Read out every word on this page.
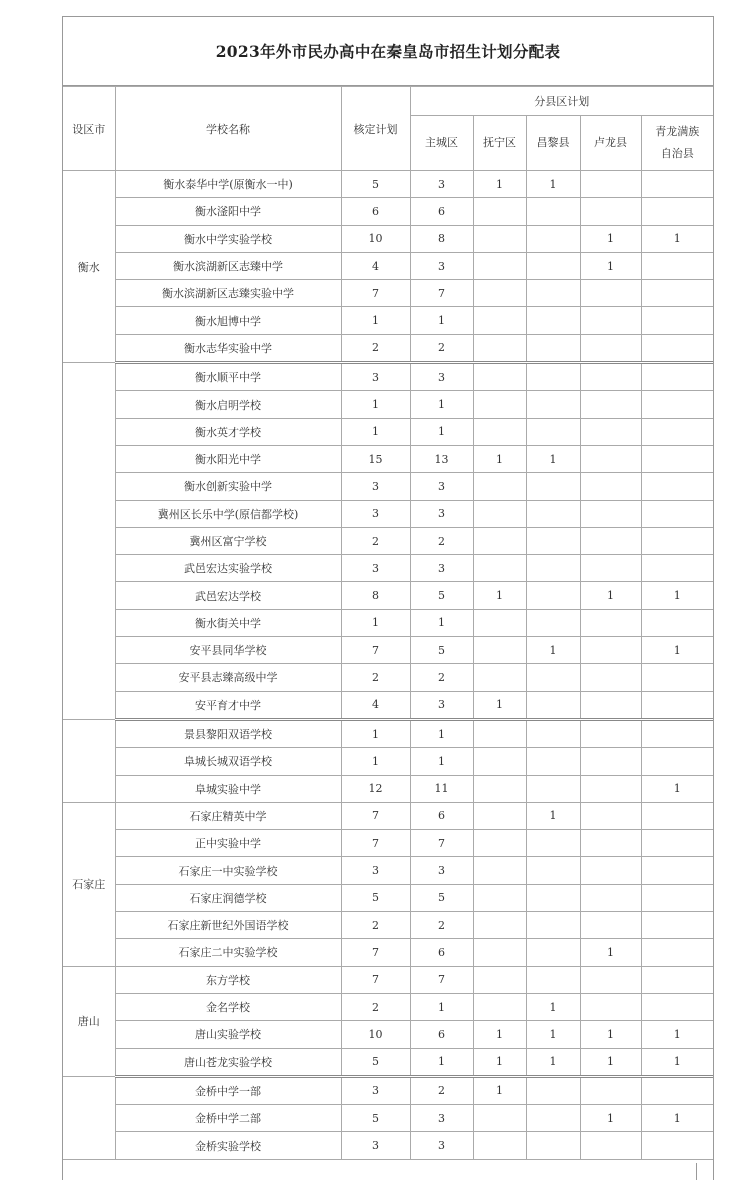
2023年外市民办高中在秦皇岛市招生计划分配表
设区市	学校名称	核定计划	分县区计划				
			主城区	抚宁区	昌黎县	卢龙县	青龙满族
自治县
衡水	衡水泰华中学(原衡水一中)	5	3	1	1		
	衡水滏阳中学	6	6				
	衡水中学实验学校	10	8			1	1
	衡水滨湖新区志臻中学	4	3			1	
	衡水滨湖新区志臻实验中学	7	7				
	衡水旭博中学	1	1				
	衡水志华实验中学	2	2				
	衡水顺平中学	3	3				
	衡水启明学校	1	1				
	衡水英才学校	1	1				
	衡水阳光中学	15	13	1	1		
	衡水创新实验中学	3	3				
	冀州区长乐中学(原信都学校)	3	3				
	冀州区富宁学校	2	2				
	武邑宏达实验学校	3	3				
	武邑宏达学校	8	5	1		1	1
	衡水街关中学	1	1				
	安平县同华学校	7	5		1		1
	安平县志臻高级中学	2	2				
	安平育才中学	4	3	1			
	景县黎阳双语学校	1	1				
	阜城长城双语学校	1	1				
	阜城实验中学	12	11				1
石家庄	石家庄精英中学	7	6		1		
	正中实验中学	7	7				
	石家庄一中实验学校	3	3				
	石家庄润德学校	5	5				
	石家庄新世纪外国语学校	2	2				
	石家庄二中实验学校	7	6			1	
唐山	东方学校	7	7				
	金名学校	2	1		1		
	唐山实验学校	10	6	1	1	1	1
	唐山苍龙实验学校	5	1	1	1	1	1
	金桥中学一部	3	2	1			
	金桥中学二部	5	3			1	1
	金桥实验学校	3	3				
